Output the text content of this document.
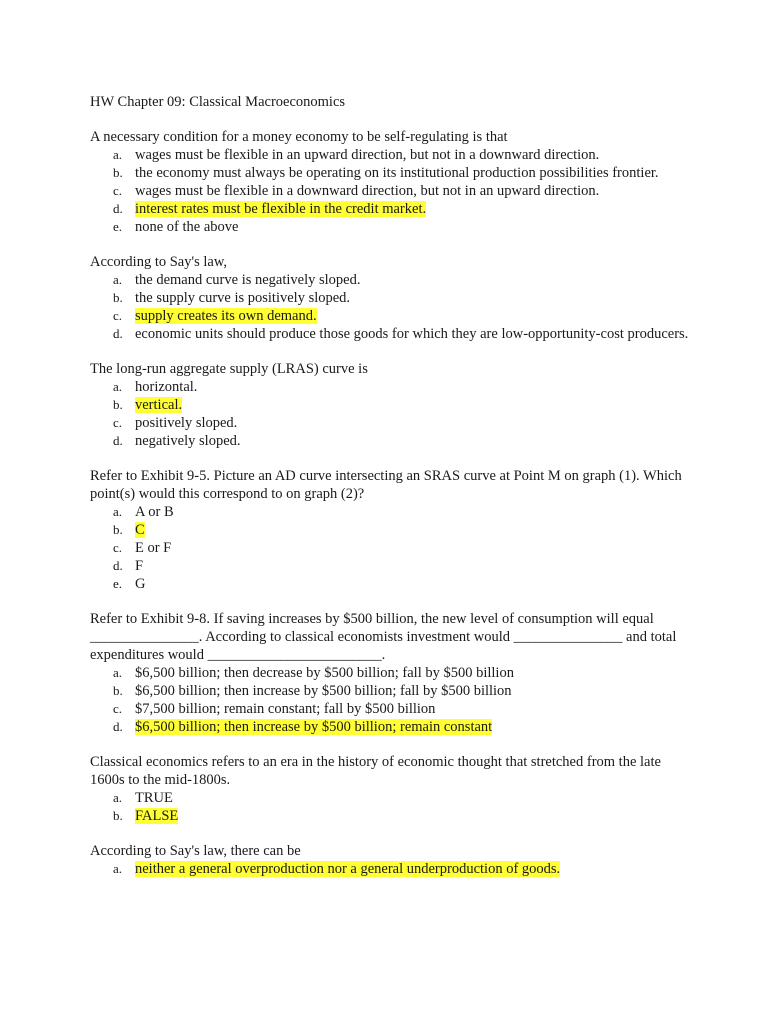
HW Chapter 09: Classical Macroeconomics
A necessary condition for a money economy to be self-regulating is that
a. wages must be flexible in an upward direction, but not in a downward direction.
b. the economy must always be operating on its institutional production possibilities frontier.
c. wages must be flexible in a downward direction, but not in an upward direction.
d. interest rates must be flexible in the credit market.
e. none of the above
According to Say's law,
a. the demand curve is negatively sloped.
b. the supply curve is positively sloped.
c. supply creates its own demand.
d. economic units should produce those goods for which they are low-opportunity-cost producers.
The long-run aggregate supply (LRAS) curve is
a. horizontal.
b. vertical.
c. positively sloped.
d. negatively sloped.
Refer to Exhibit 9-5. Picture an AD curve intersecting an SRAS curve at Point M on graph (1). Which point(s) would this correspond to on graph (2)?
a. A or B
b. C
c. E or F
d. F
e. G
Refer to Exhibit 9-8. If saving increases by $500 billion, the new level of consumption will equal _______________. According to classical economists investment would _______________ and total expenditures would ________________________.
a. $6,500 billion; then decrease by $500 billion; fall by $500 billion
b. $6,500 billion; then increase by $500 billion; fall by $500 billion
c. $7,500 billion; remain constant; fall by $500 billion
d. $6,500 billion; then increase by $500 billion; remain constant
Classical economics refers to an era in the history of economic thought that stretched from the late 1600s to the mid-1800s.
a. TRUE
b. FALSE
According to Say's law, there can be
a. neither a general overproduction nor a general underproduction of goods.
